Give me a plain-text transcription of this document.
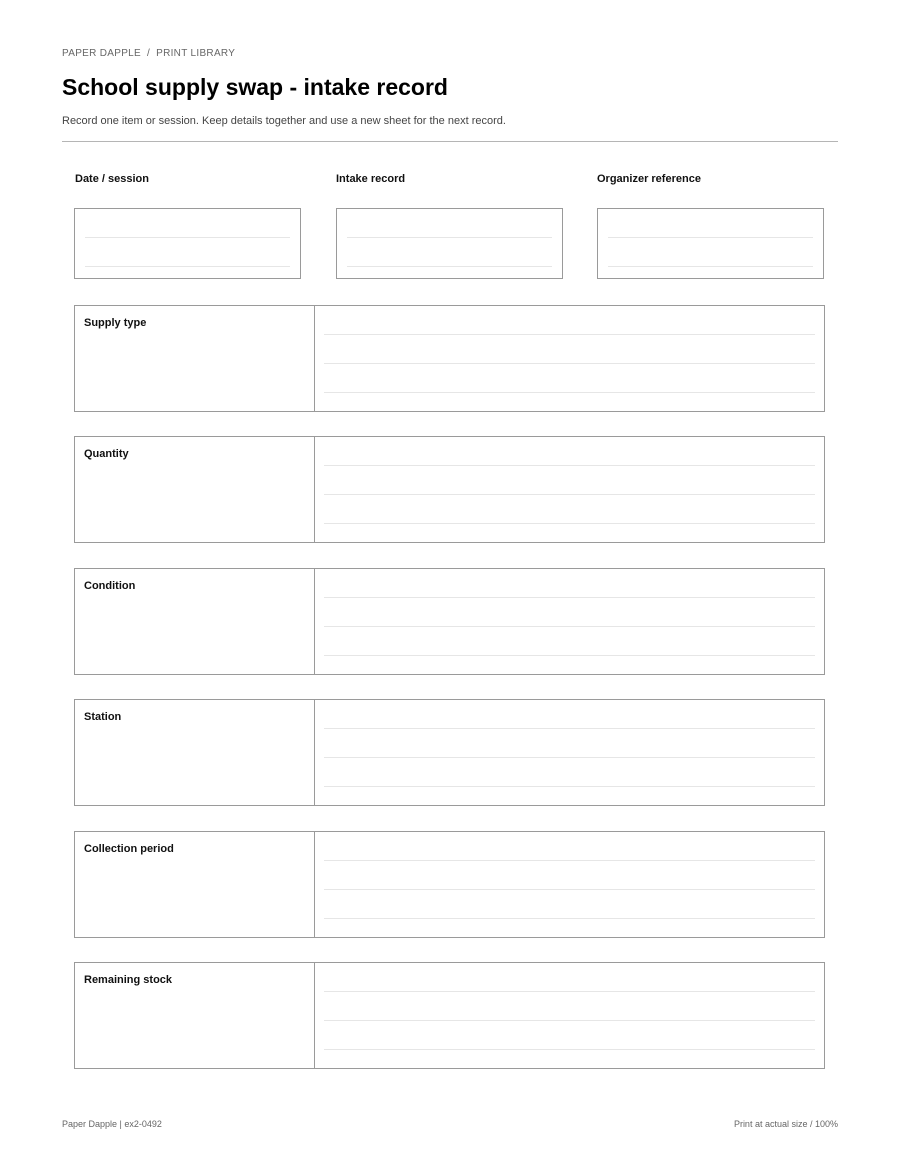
PAPER DAPPLE / PRINT LIBRARY
School supply swap - intake record
Record one item or session. Keep details together and use a new sheet for the next record.
Date / session	Intake record	Organizer reference
Supply type
Quantity
Condition
Station
Collection period
Remaining stock
Paper Dapple | ex2-0492	Print at actual size / 100%
